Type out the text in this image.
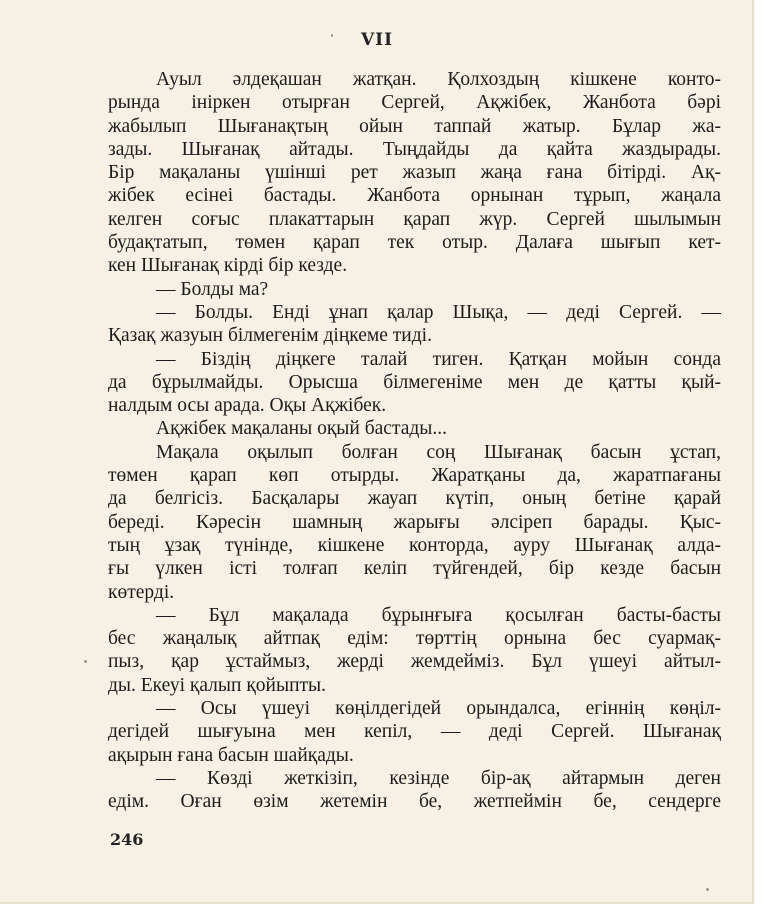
VII
Ауыл әлдеқашан жатқан. Қолхоздың кішкене конто-
рында ініркен отырған Сергей, Ақжібек, Жанбота бәрі
жабылып Шығанақтың ойын таппай жатыр. Бұлар жа-
зады. Шығанақ айтады. Тыңдайды да қайта жаздырады.
Бір мақаланы үшінші рет жазып жаңа ғана бітірді. Ақ-
жібек есінеі бастады. Жанбота орнынан тұрып, жаңала
келген соғыс плакаттарын қарап жүр. Сергей шылымын
будақтатып, төмен қарап тек отыр. Далаға шығып кет-
кен Шығанақ кірді бір кезде.
— Болды ма?
— Болды. Енді ұнап қалар Шықа, — деді Сергей. —
Қазақ жазуын білмегенім діңкеме тиді.
— Біздің діңкеге талай тиген. Қатқан мойын сонда
да бұрылмайды. Орысша білмегеніме мен де қатты қый-
налдым осы арада. Оқы Ақжібек.
Ақжібек мақаланы оқый бастады...
Мақала оқылып болған соң Шығанақ басын ұстап,
төмен қарап көп отырды. Жаратқаны да, жаратпағаны
да белгісіз. Басқалары жауап күтіп, оның бетіне қарай
береді. Кәресін шамның жарығы әлсіреп барады. Қыс-
тың ұзақ түнінде, кішкене конторда, ауру Шығанақ алда-
ғы үлкен істі толғап келіп түйгендей, бір кезде басын
көтерді.
— Бұл мақалада бұрынғыға қосылған басты-басты
бес жаңалық айтпақ едім: төрттің орнына бес суармақ-
пыз, қар ұстаймыз, жерді жемдейміз. Бұл үшеуі айтыл-
ды. Екеуі қалып қойыпты.
— Осы үшеуі көңілдегідей орындалса, егіннің көңіл-
дегідей шығуына мен кепіл, — деді Сергей. Шығанақ
ақырын ғана басын шайқады.
— Көзді жеткізіп, кезінде бір-ақ айтармын деген
едім. Оған өзім жетемін бе, жетпеймін бе, сендерге
246
